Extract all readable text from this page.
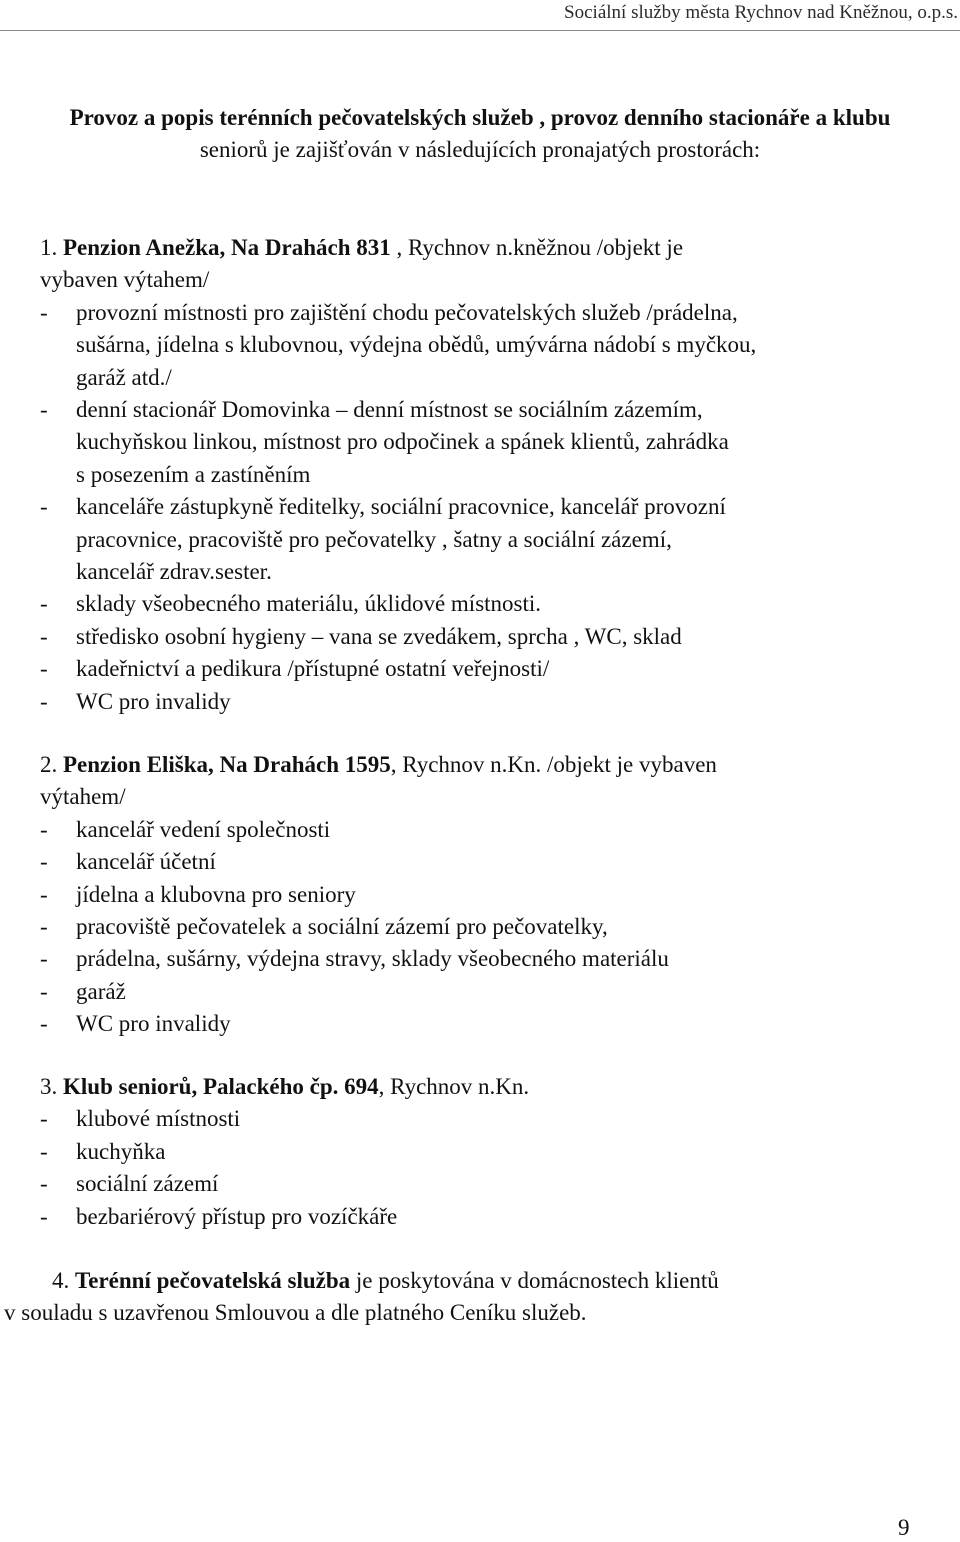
Sociální služby města Rychnov nad Kněžnou, o.p.s.
Provoz a popis terénních pečovatelských služeb , provoz denního stacionáře a klubu seniorů je zajišťován v následujících pronajatých prostorách:
1. Penzion Anežka, Na Drahách 831 , Rychnov n.kněžnou /objekt je
vybaven výtahem/
- provozní místnosti pro zajištění chodu pečovatelských služeb /prádelna,
sušárna, jídelna s klubovnou, výdejna obědů, umývárna nádobí s myčkou,
garáž atd./
- denní stacionář Domovinka – denní místnost se sociálním zázemím,
kuchyňskou linkou, místnost pro odpočinek a spánek klientů, zahrádka
s posezením a zastíněním
- kanceláře zástupkyně ředitelky, sociální pracovnice, kancelář provozní
pracovnice, pracoviště pro pečovatelky , šatny a sociální zázemí,
kancelář zdrav.sester.
- sklady všeobecného materiálu, úklidové místnosti.
- středisko osobní hygieny – vana se zvedákem, sprcha , WC, sklad
- kadeřnictví a pedikura /přístupné ostatní veřejnosti/
- WC pro invalidy
2. Penzion Eliška, Na Drahách 1595, Rychnov n.Kn. /objekt je vybaven
výtahem/
- kancelář vedení společnosti
- kancelář účetní
- jídelna a klubovna pro seniory
- pracoviště pečovatelek a sociální zázemí pro pečovatelky,
- prádelna, sušárny, výdejna stravy, sklady všeobecného materiálu
- garáž
- WC pro invalidy
3. Klub seniorů, Palackého čp. 694, Rychnov n.Kn.
- klubové místnosti
- kuchyňka
- sociální zázemí
- bezbariérový přístup pro vozíčkáře
4. Terénní pečovatelská služba je poskytována v domácnostech klientů
v souladu s uzavřenou Smlouvou a dle platného Ceníku služeb.
9
